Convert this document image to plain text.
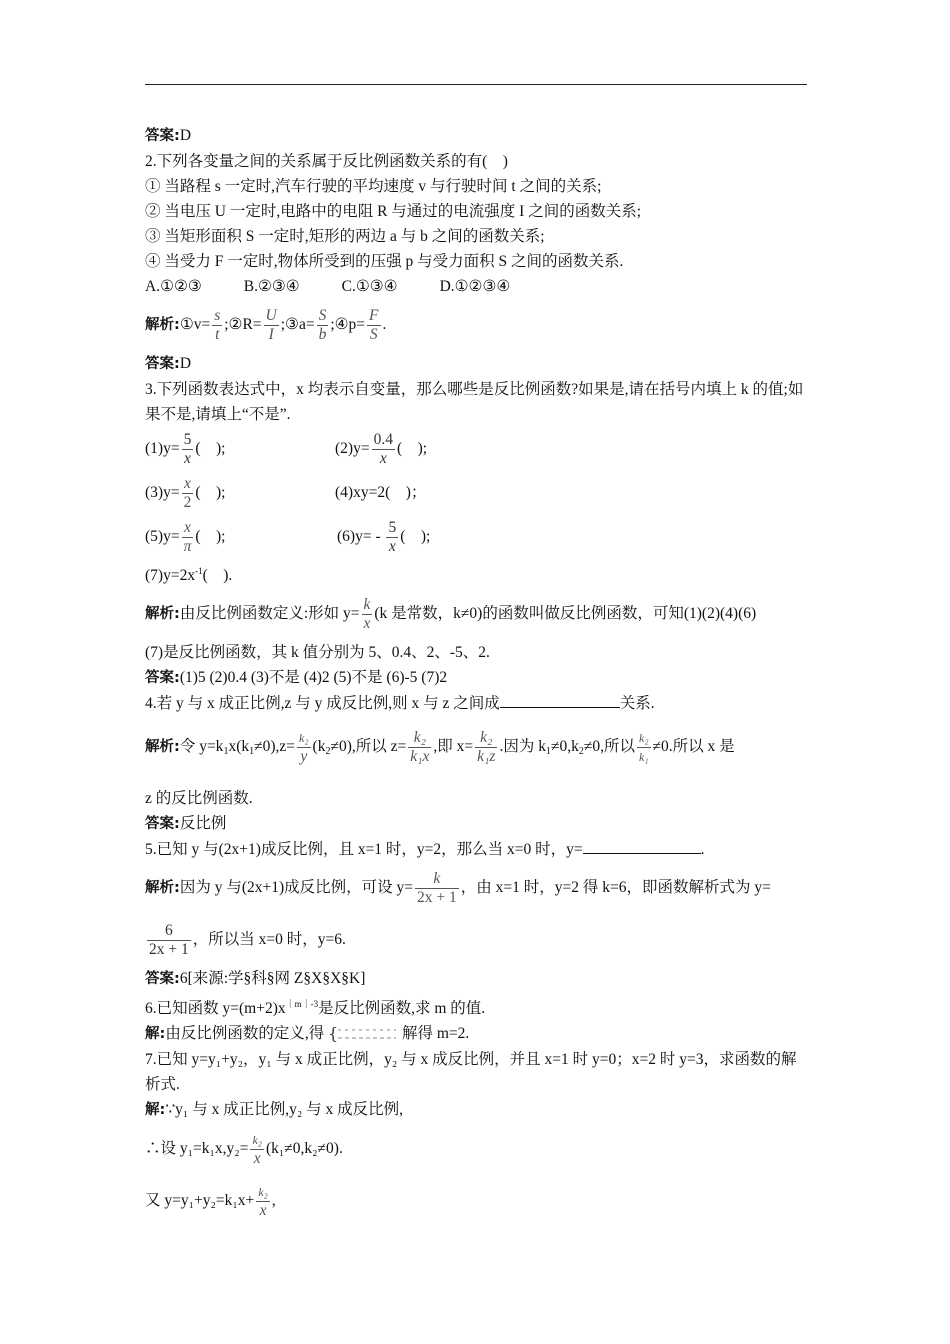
答案:D
2.下列各变量之间的关系属于反比例函数关系的有(　)
① 当路程 s 一定时,汽车行驶的平均速度 v 与行驶时间 t 之间的关系;
② 当电压 U 一定时,电路中的电阻 R 与通过的电流强度 I 之间的函数关系;
③ 当矩形面积 S 一定时,矩形的两边 a 与 b 之间的函数关系;
④ 当受力 F 一定时,物体所受到的压强 p 与受力面积 S 之间的函数关系.
A.①②③	B.②③④	C.①③④	D.①②③④
解析:①v= $\frac{s}{t}$ ;②R= $\frac{U}{I}$ ;③a= $\frac{S}{b}$ ;④p= $\frac{F}{S}$ .
答案:D
3.下列函数表达式中，x 均表示自变量，那么哪些是反比例函数?如果是,请在括号内填上 k 的值;如果不是,请填上“不是”.
$(1)y= \frac{5}{x}$ (　);	$(2)y= \frac{0.4}{x}$ (　);
$(3)y= \frac{x}{2}$ (　);	(4)xy=2(　)；
$(5)y= \frac{x}{\pi}$ (　);	$(6)y= - \frac{5}{x}$ (　);
$(7)y=2x^{-1}$(　).
解析:由反比例函数定义:形如 $y= \frac{k}{x} (k$ 是常数，k≠0)的函数叫做反比例函数，可知(1)(2)(4)(6)
(7)是反比例函数，其 k 值分别为 5、0.4、2、-5、2.
答案:(1)5 (2)0.4 (3)不是 (4)2 (5)不是 (6)-5 (7)2
4.若 y 与 x 成正比例,z 与 y 成反比例,则 x 与 z 之间成	关系.
解析:令 $y=k_1x(k_1\ne 0),z= \frac{\text{k₂}}{y} (k_2\ne 0)$,所以 $z= \frac{\text{k₂}}{\text{k₁x}}$ ,即 $x= \frac{\text{k₂}}{\text{k₁z}}$ .因为 $k_1\ne 0,k_2\ne 0$,所以 $\frac{\text{k₂}}{\text{k₁}} \ne 0$.所以 x 是
z 的反比例函数.
答案:反比例
5.已知 y 与(2x+1)成反比例，且 x=1 时，y=2，那么当 x=0 时，y=	.
解析:因为 y 与(2x+1)成反比例，可设 $y= \frac{k}{2x + 1}$ ，由 x=1 时，y=2 得 k=6，即函数解析式为 y=
$\frac{6}{2x + 1}$ ，所以当 x=0 时，y=6.
答案:6[来源:学§科§网 Z§X§X§K]
6.已知函数 $y=(m+2)x^{|m|-3}$是反比例函数,求 m 的值.
解:由反比例函数的定义,得 {	解得 m=2.
7.已知 y=y₁+y₂，y₁ 与 x 成正比例，y₂ 与 x 成反比例，并且 x=1 时 y=0；x=2 时 y=3，求函数的解析式.
解:∵y₁ 与 x 成正比例,y₂ 与 x 成反比例,
∴设 $y_1=k_1x,y_2= \frac{\text{k₂}}{x} (k_1\ne 0,k_2\ne 0)$.
又 $y=y_1+y_2=k_1x+ \frac{\text{k₂}}{x}$ ,
